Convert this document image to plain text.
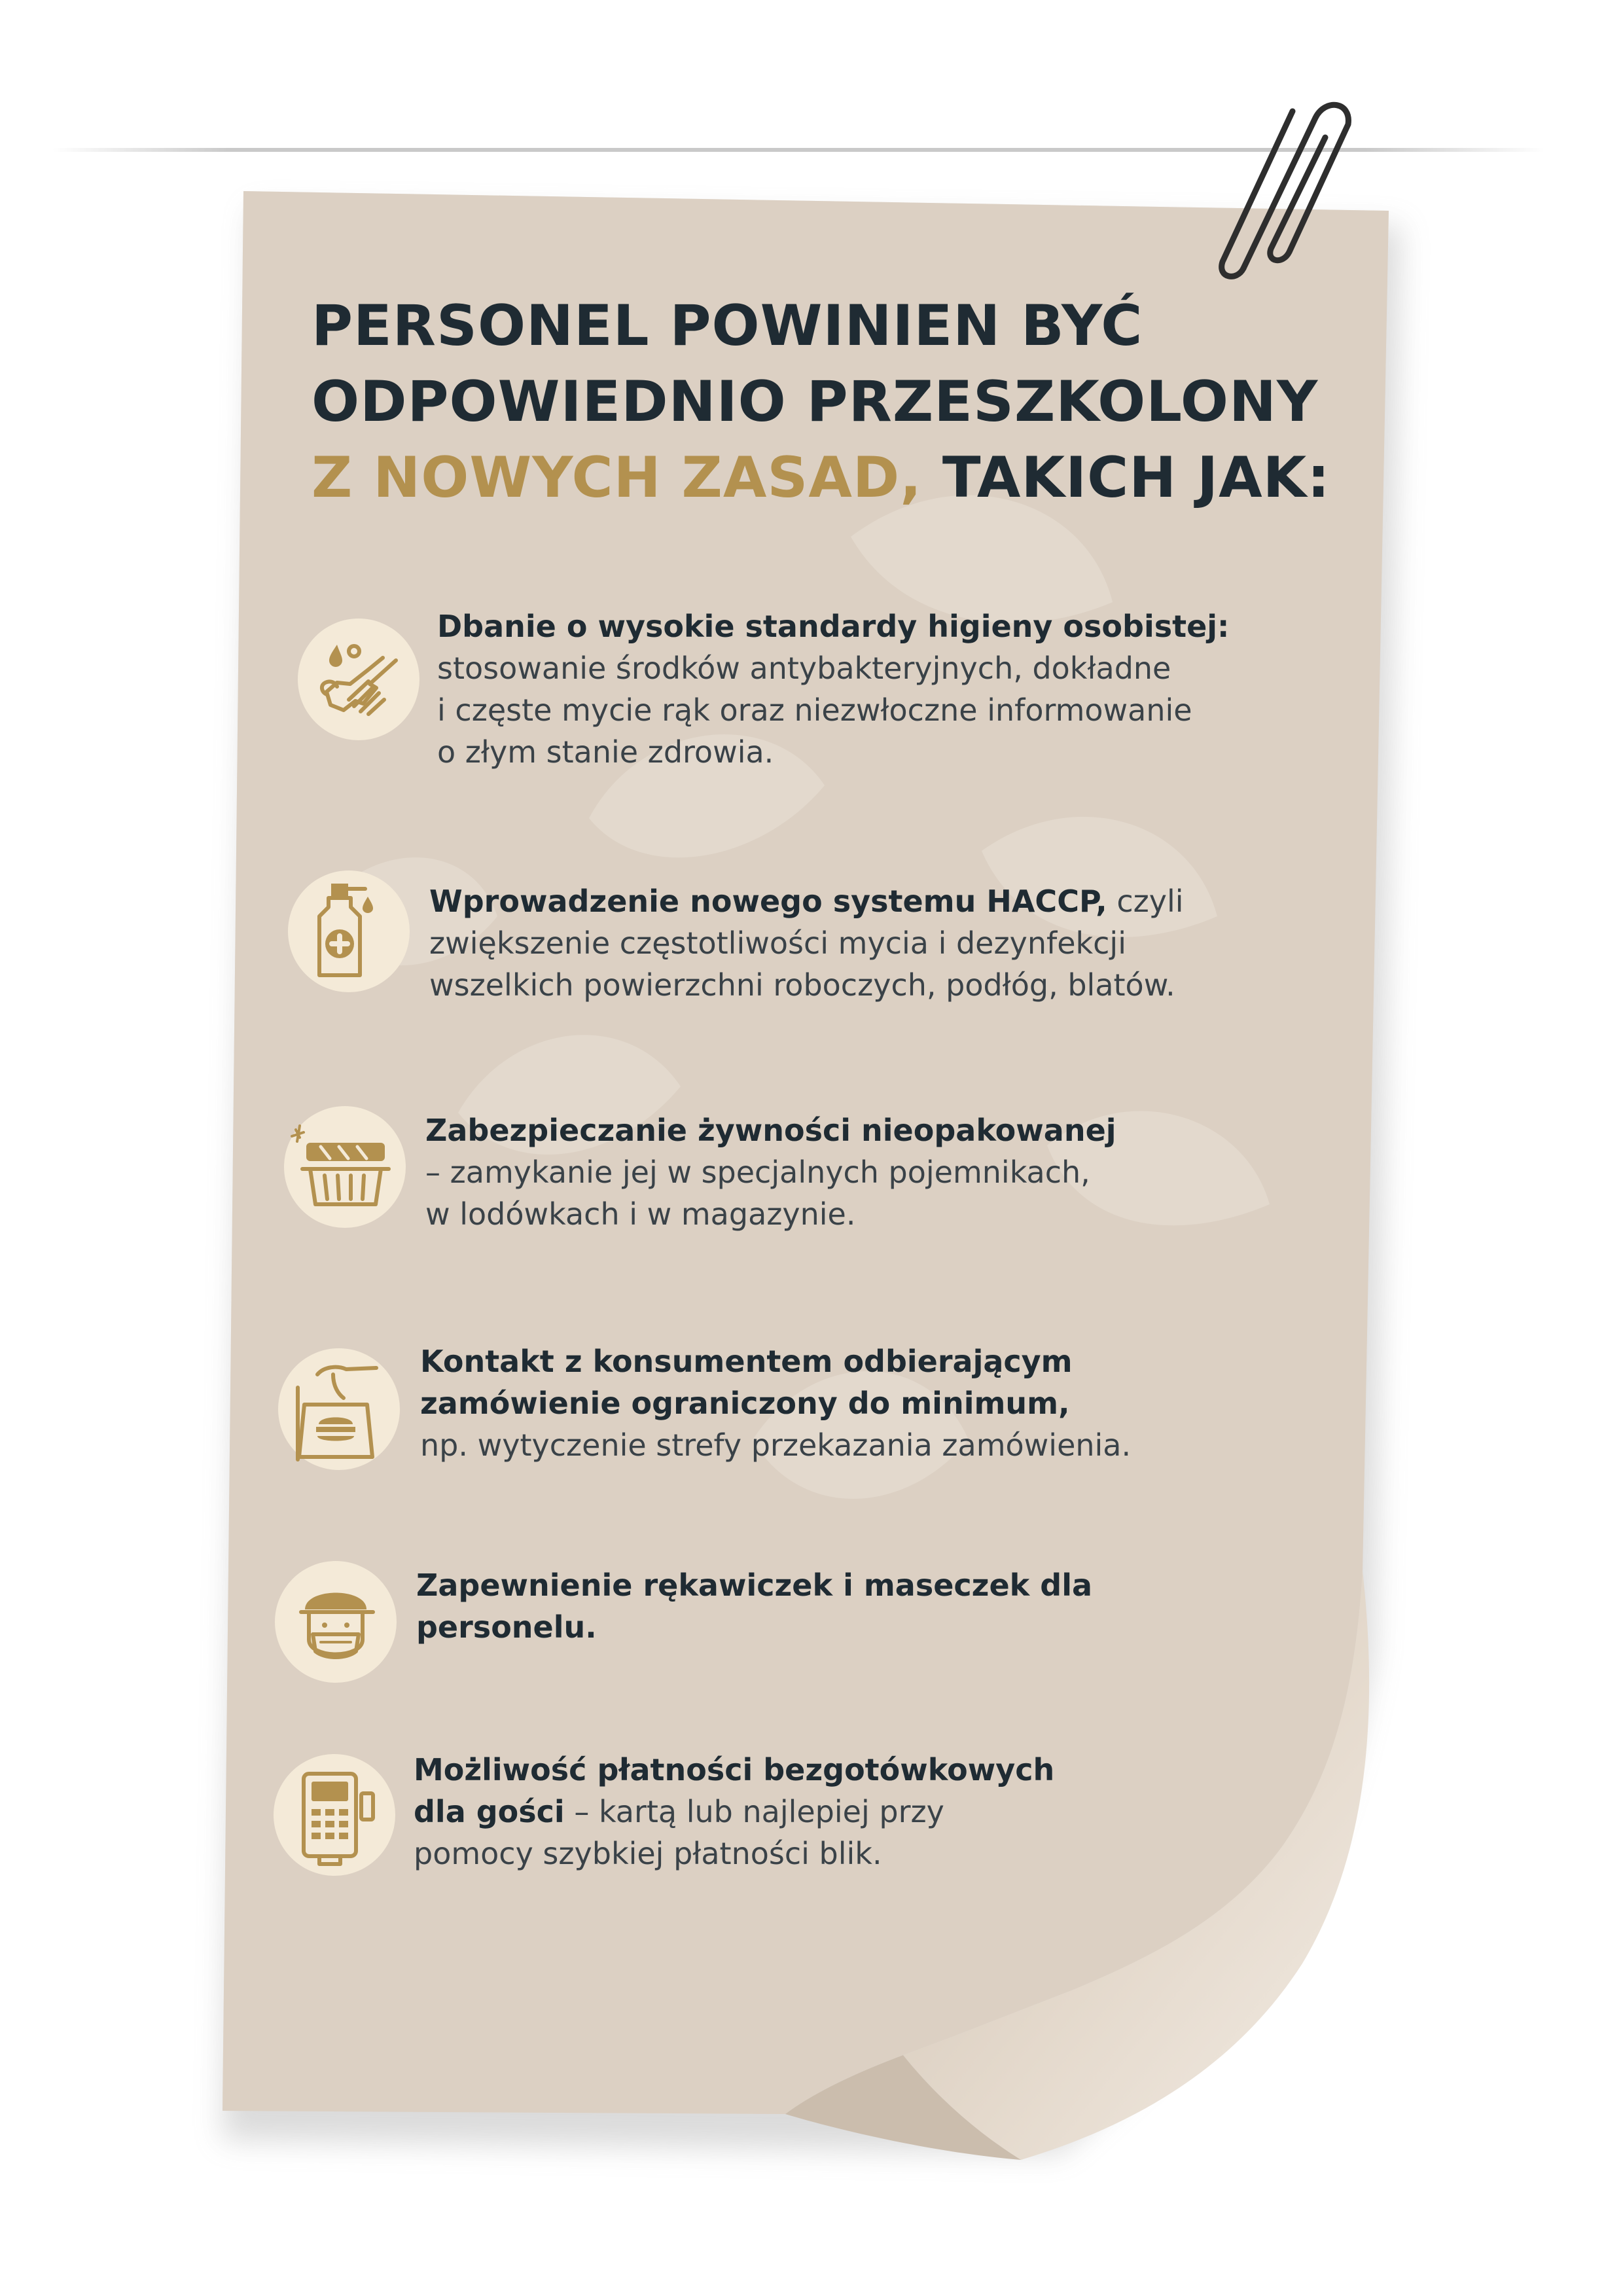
PERSONEL POWINIEN BYĆ
ODPOWIEDNIO PRZESZKOLONY
Z NOWYCH ZASAD, TAKICH JAK:
Dbanie o wysokie standardy higieny osobistej:
stosowanie środków antybakteryjnych, dokładne
i częste mycie rąk oraz niezwłoczne informowanie
o złym stanie zdrowia.
Wprowadzenie nowego systemu HACCP, czyli
zwiększenie częstotliwości mycia i dezynfekcji
wszelkich powierzchni roboczych, podłóg, blatów.
Zabezpieczanie żywności nieopakowanej
– zamykanie jej w specjalnych pojemnikach,
w lodówkach i w magazynie.
Kontakt z konsumentem odbierającym
zamówienie ograniczony do minimum,
np. wytyczenie strefy przekazania zamówienia.
Zapewnienie rękawiczek i maseczek dla
personelu.
Możliwość płatności bezgotówkowych
dla gości – kartą lub najlepiej przy
pomocy szybkiej płatności blik.
